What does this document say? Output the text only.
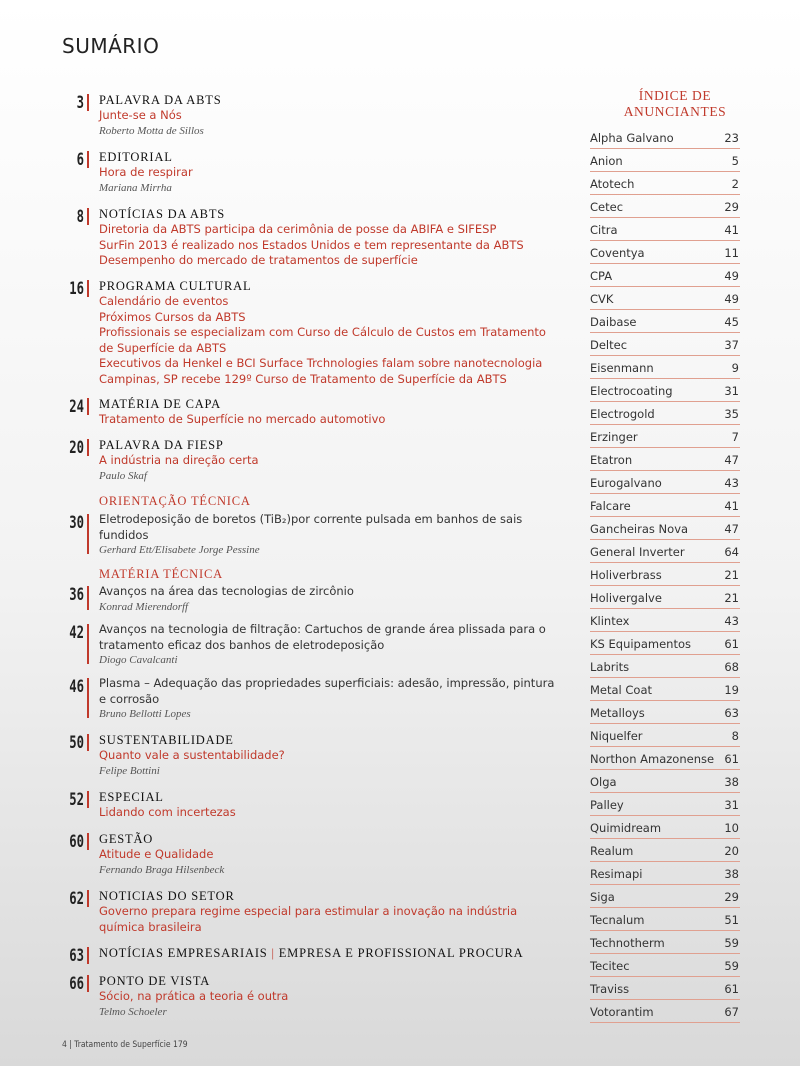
SUMÁRIO
3 PALAVRA DA ABTS
Junte-se a Nós
Roberto Motta de Sillos
6 EDITORIAL
Hora de respirar
Mariana Mirrha
8 NOTÍCIAS DA ABTS
Diretoria da ABTS participa da cerimônia de posse da ABIFA e SIFESP
SurFin 2013 é realizado nos Estados Unidos e tem representante da ABTS
Desempenho do mercado de tratamentos de superfície
16 PROGRAMA CULTURAL
Calendário de eventos
Próximos Cursos da ABTS
Profissionais se especializam com Curso de Cálculo de Custos em Tratamento de Superfície da ABTS
Executivos da Henkel e BCI Surface Trchnologies falam sobre nanotecnologia
Campinas, SP recebe 129º Curso de Tratamento de Superfície da ABTS
24 MATÉRIA DE CAPA
Tratamento de Superfície no mercado automotivo
20 PALAVRA DA FIESP
A indústria na direção certa
Paulo Skaf
ORIENTAÇÃO TÉCNICA
30 Eletrodeposição de boretos (TiB₂)por corrente pulsada em banhos de sais fundidos
Gerhard Ett/Elisabete Jorge Pessine
MATÉRIA TÉCNICA
36 Avanços na área das tecnologias de zircônio
Konrad Mierendorff
42 Avanços na tecnologia de filtração: Cartuchos de grande área plissada para o tratamento eficaz dos banhos de eletrodeposição
Diogo Cavalcanti
46 Plasma – Adequação das propriedades superficiais: adesão, impressão, pintura e corrosão
Bruno Bellotti Lopes
50 SUSTENTABILIDADE
Quanto vale a sustentabilidade?
Felipe Bottini
52 ESPECIAL
Lidando com incertezas
60 GESTÃO
Atitude e Qualidade
Fernando Braga Hilsenbeck
62 NOTICIAS DO SETOR
Governo prepara regime especial para estimular a inovação na indústria química brasileira
63 NOTÍCIAS EMPRESARIAIS | EMPRESA E PROFISSIONAL PROCURA
66 PONTO DE VISTA
Sócio, na prática a teoria é outra
Telmo Schoeler
ÍNDICE DE
ANUNCIANTES
Alpha Galvano	23
Anion	5
Atotech	2
Cetec	29
Citra	41
Coventya	11
CPA	49
CVK	49
Daibase	45
Deltec	37
Eisenmann	9
Electrocoating	31
Electrogold	35
Erzinger	7
Etatron	47
Eurogalvano	43
Falcare	41
Gancheiras Nova	47
General Inverter	64
Holiverbrass	21
Holivergalve	21
Klintex	43
KS Equipamentos	61
Labrits	68
Metal Coat	19
Metalloys	63
Niquelfer	8
Northon Amazonense 61
Olga	38
Palley	31
Quimidream	10
Realum	20
Resimapi	38
Siga	29
Tecnalum	51
Technotherm	59
Tecitec	59
Traviss	61
Votorantim	67
4 | Tratamento de Superfície 179
